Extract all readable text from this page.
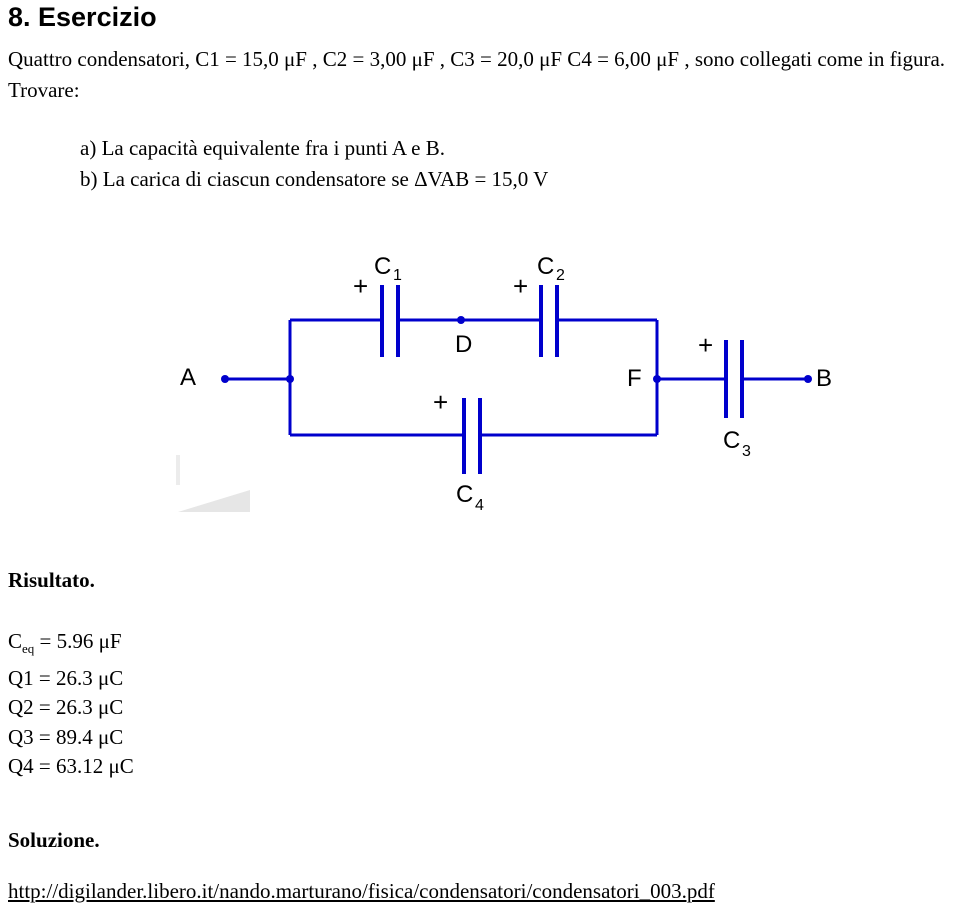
8. Esercizio
Quattro condensatori, C1 = 15,0 μF , C2 = 3,00 μF , C3 = 20,0 μF C4 = 6,00 μF , sono collegati come in figura. Trovare:
a) La capacità equivalente fra i punti A e B.
b) La carica di ciascun condensatore se ΔVAB = 15,0 V
A	B
D
F
C 1	C 2
C 3
C 4
+	+
+
+
Risultato.
$C_{eq} = 5.96$ μF
Q1 = 26.3 μC
Q2 = 26.3 μC
Q3 = 89.4 μC
Q4 = 63.12 μC
Soluzione.
http://digilander.libero.it/nando.marturano/fisica/condensatori/condensatori_003.pdf
